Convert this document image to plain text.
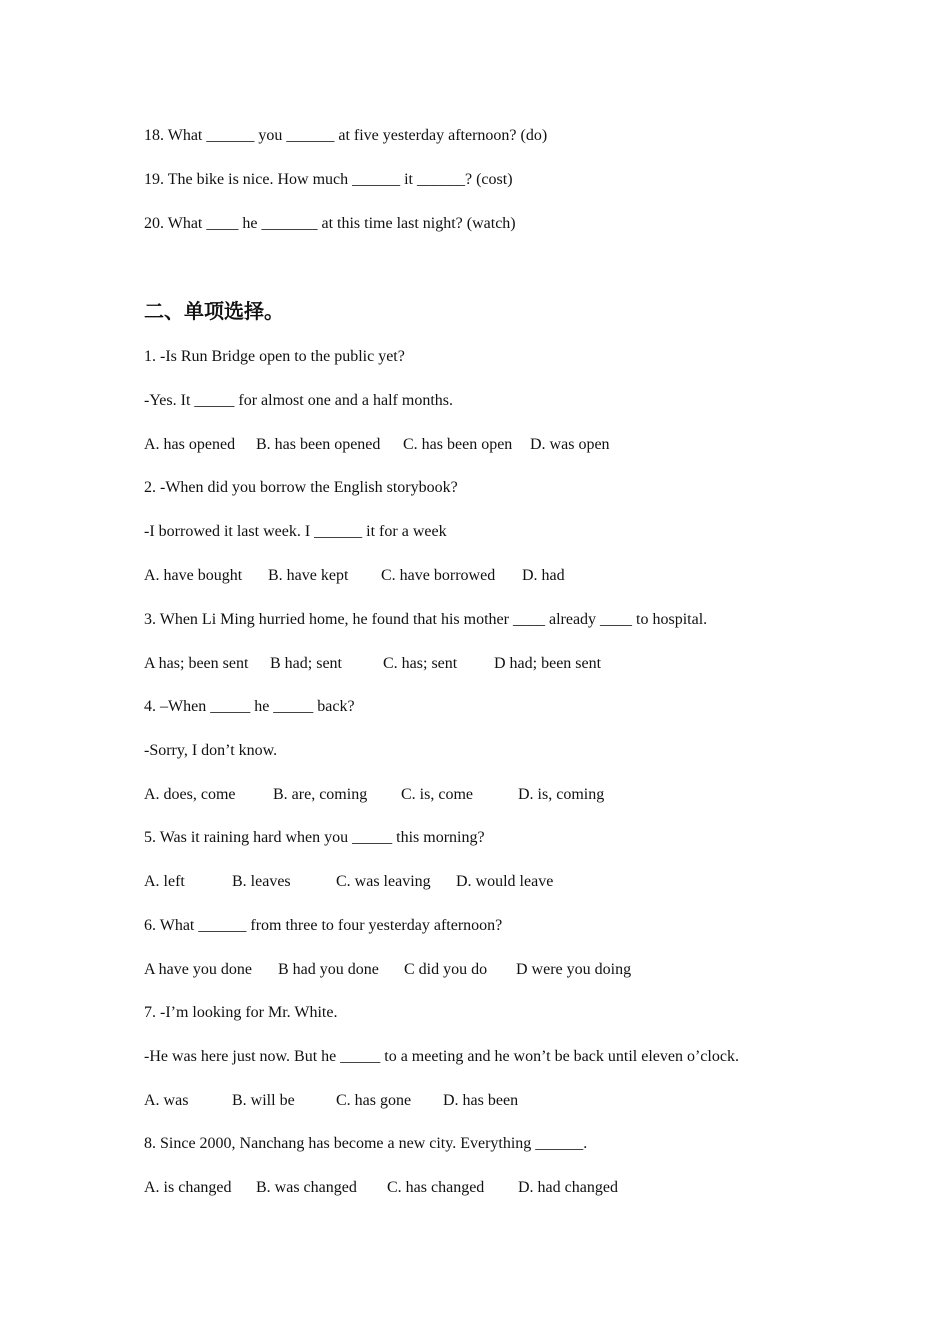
18. What ______ you ______ at five yesterday afternoon? (do)
19. The bike is nice. How much ______ it ______? (cost)
20. What ____ he _______ at this time last night? (watch)
二、单项选择。
1. -Is Run Bridge open to the public yet?
-Yes. It _____ for almost one and a half months.
A. has opened B. has been opened C. has been open D. was open
2. -When did you borrow the English storybook?
-I borrowed it last week. I ______ it for a week
A. have bought B. have kept C. have borrowed D. had
3. When Li Ming hurried home, he found that his mother ____ already ____ to hospital.
A has; been sent B had; sent	C. has; sent D had; been sent
4. –When _____ he _____ back?
-Sorry, I don’t know.
A. does, come B. are, coming C. is, come	D. is, coming
5. Was it raining hard when you _____ this morning?
A. left	B. leaves	C. was leaving D. would leave
6. What ______ from three to four yesterday afternoon?
A have you done B had you done C did you do D were you doing
7. -I’m looking for Mr. White.
-He was here just now. But he _____ to a meeting and he won’t be back until eleven o’clock.
A. was	B. will be	C. has gone D. has been
8. Since 2000, Nanchang has become a new city. Everything ______.
A. is changed B. was changed C. has changed D. had changed
